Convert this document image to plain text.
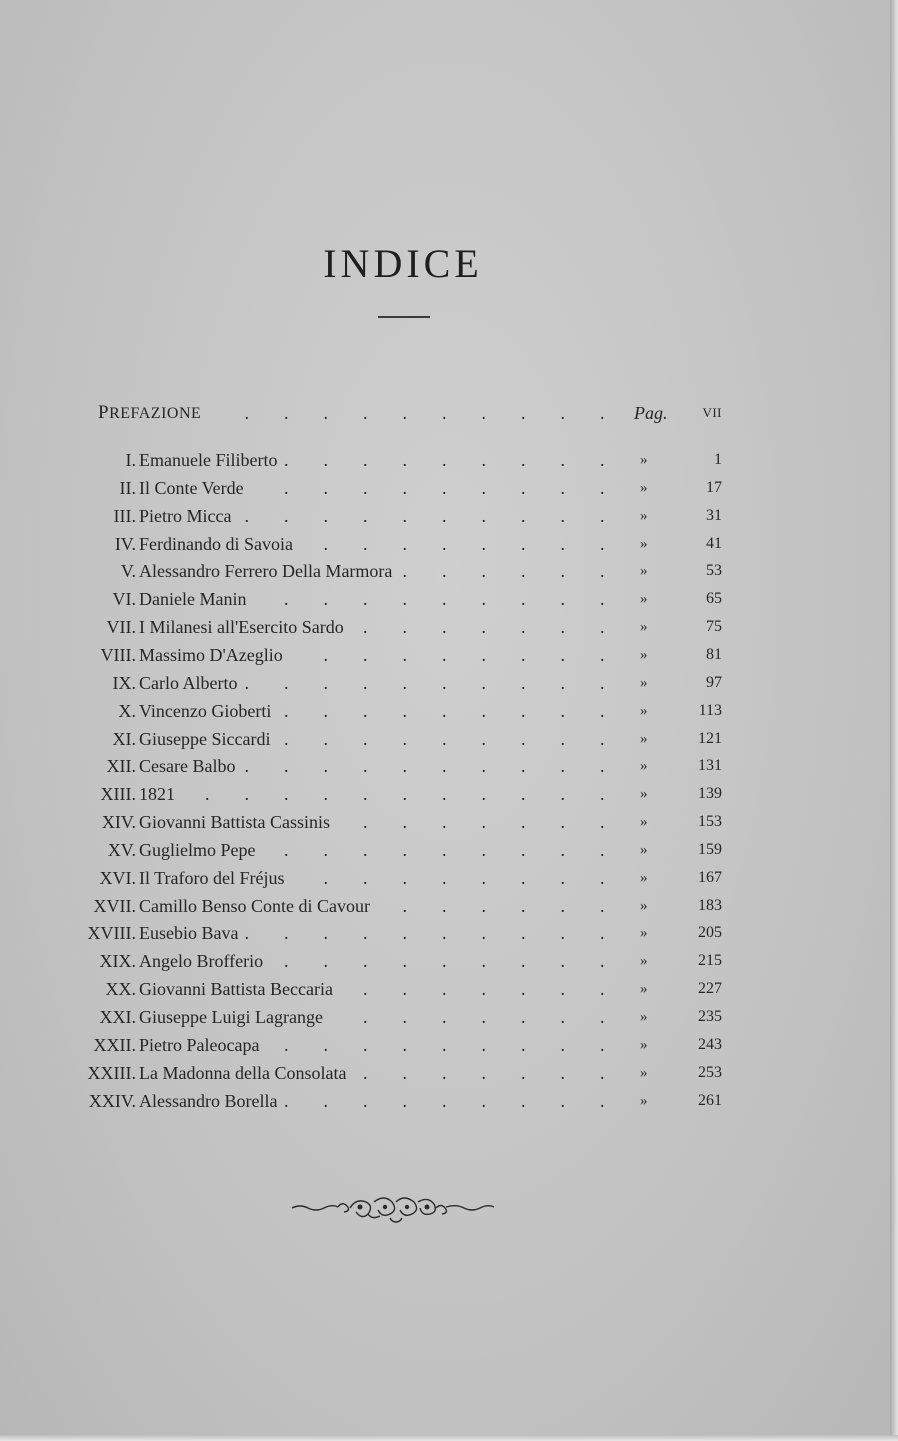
INDICE
PREFAZIONE . . . . . . . . . . Pag.	VII
I. Emanuele Filiberto . . . . . . . . . »	1
II. Il Conte Verde . . . . . . . . . »	17
III. Pietro Micca . . . . . . . . . . »	31
IV. Ferdinando di Savoia . . . . . . . . »	41
V. Alessandro Ferrero Della Marmora . . . . . . »	53
VI. Daniele Manin . . . . . . . . . »	65
VII. I Milanesi all'Esercito Sardo . . . . . . . »	75
VIII. Massimo D'Azeglio . . . . . . . . »	81
IX. Carlo Alberto . . . . . . . . . . »	97
X. Vincenzo Gioberti . . . . . . . . . »	113
XI. Giuseppe Siccardi . . . . . . . . . »	121
XII. Cesare Balbo . . . . . . . . . . »	131
XIII. 1821 . . . . . . . . . . . »	139
XIV. Giovanni Battista Cassinis . . . . . . . »	153
XV. Guglielmo Pepe . . . . . . . . . »	159
XVI. Il Traforo del Fréjus . . . . . . . . »	167
XVII. Camillo Benso Conte di Cavour . . . . . . »	183
XVIII. Eusebio Bava . . . . . . . . . . »	205
XIX. Angelo Brofferio . . . . . . . . . »	215
XX. Giovanni Battista Beccaria . . . . . . . »	227
XXI. Giuseppe Luigi Lagrange . . . . . . . »	235
XXII. Pietro Paleocapa . . . . . . . . . »	243
XXIII. La Madonna della Consolata . . . . . . . »	253
XXIV. Alessandro Borella . . . . . . . . . »	261
